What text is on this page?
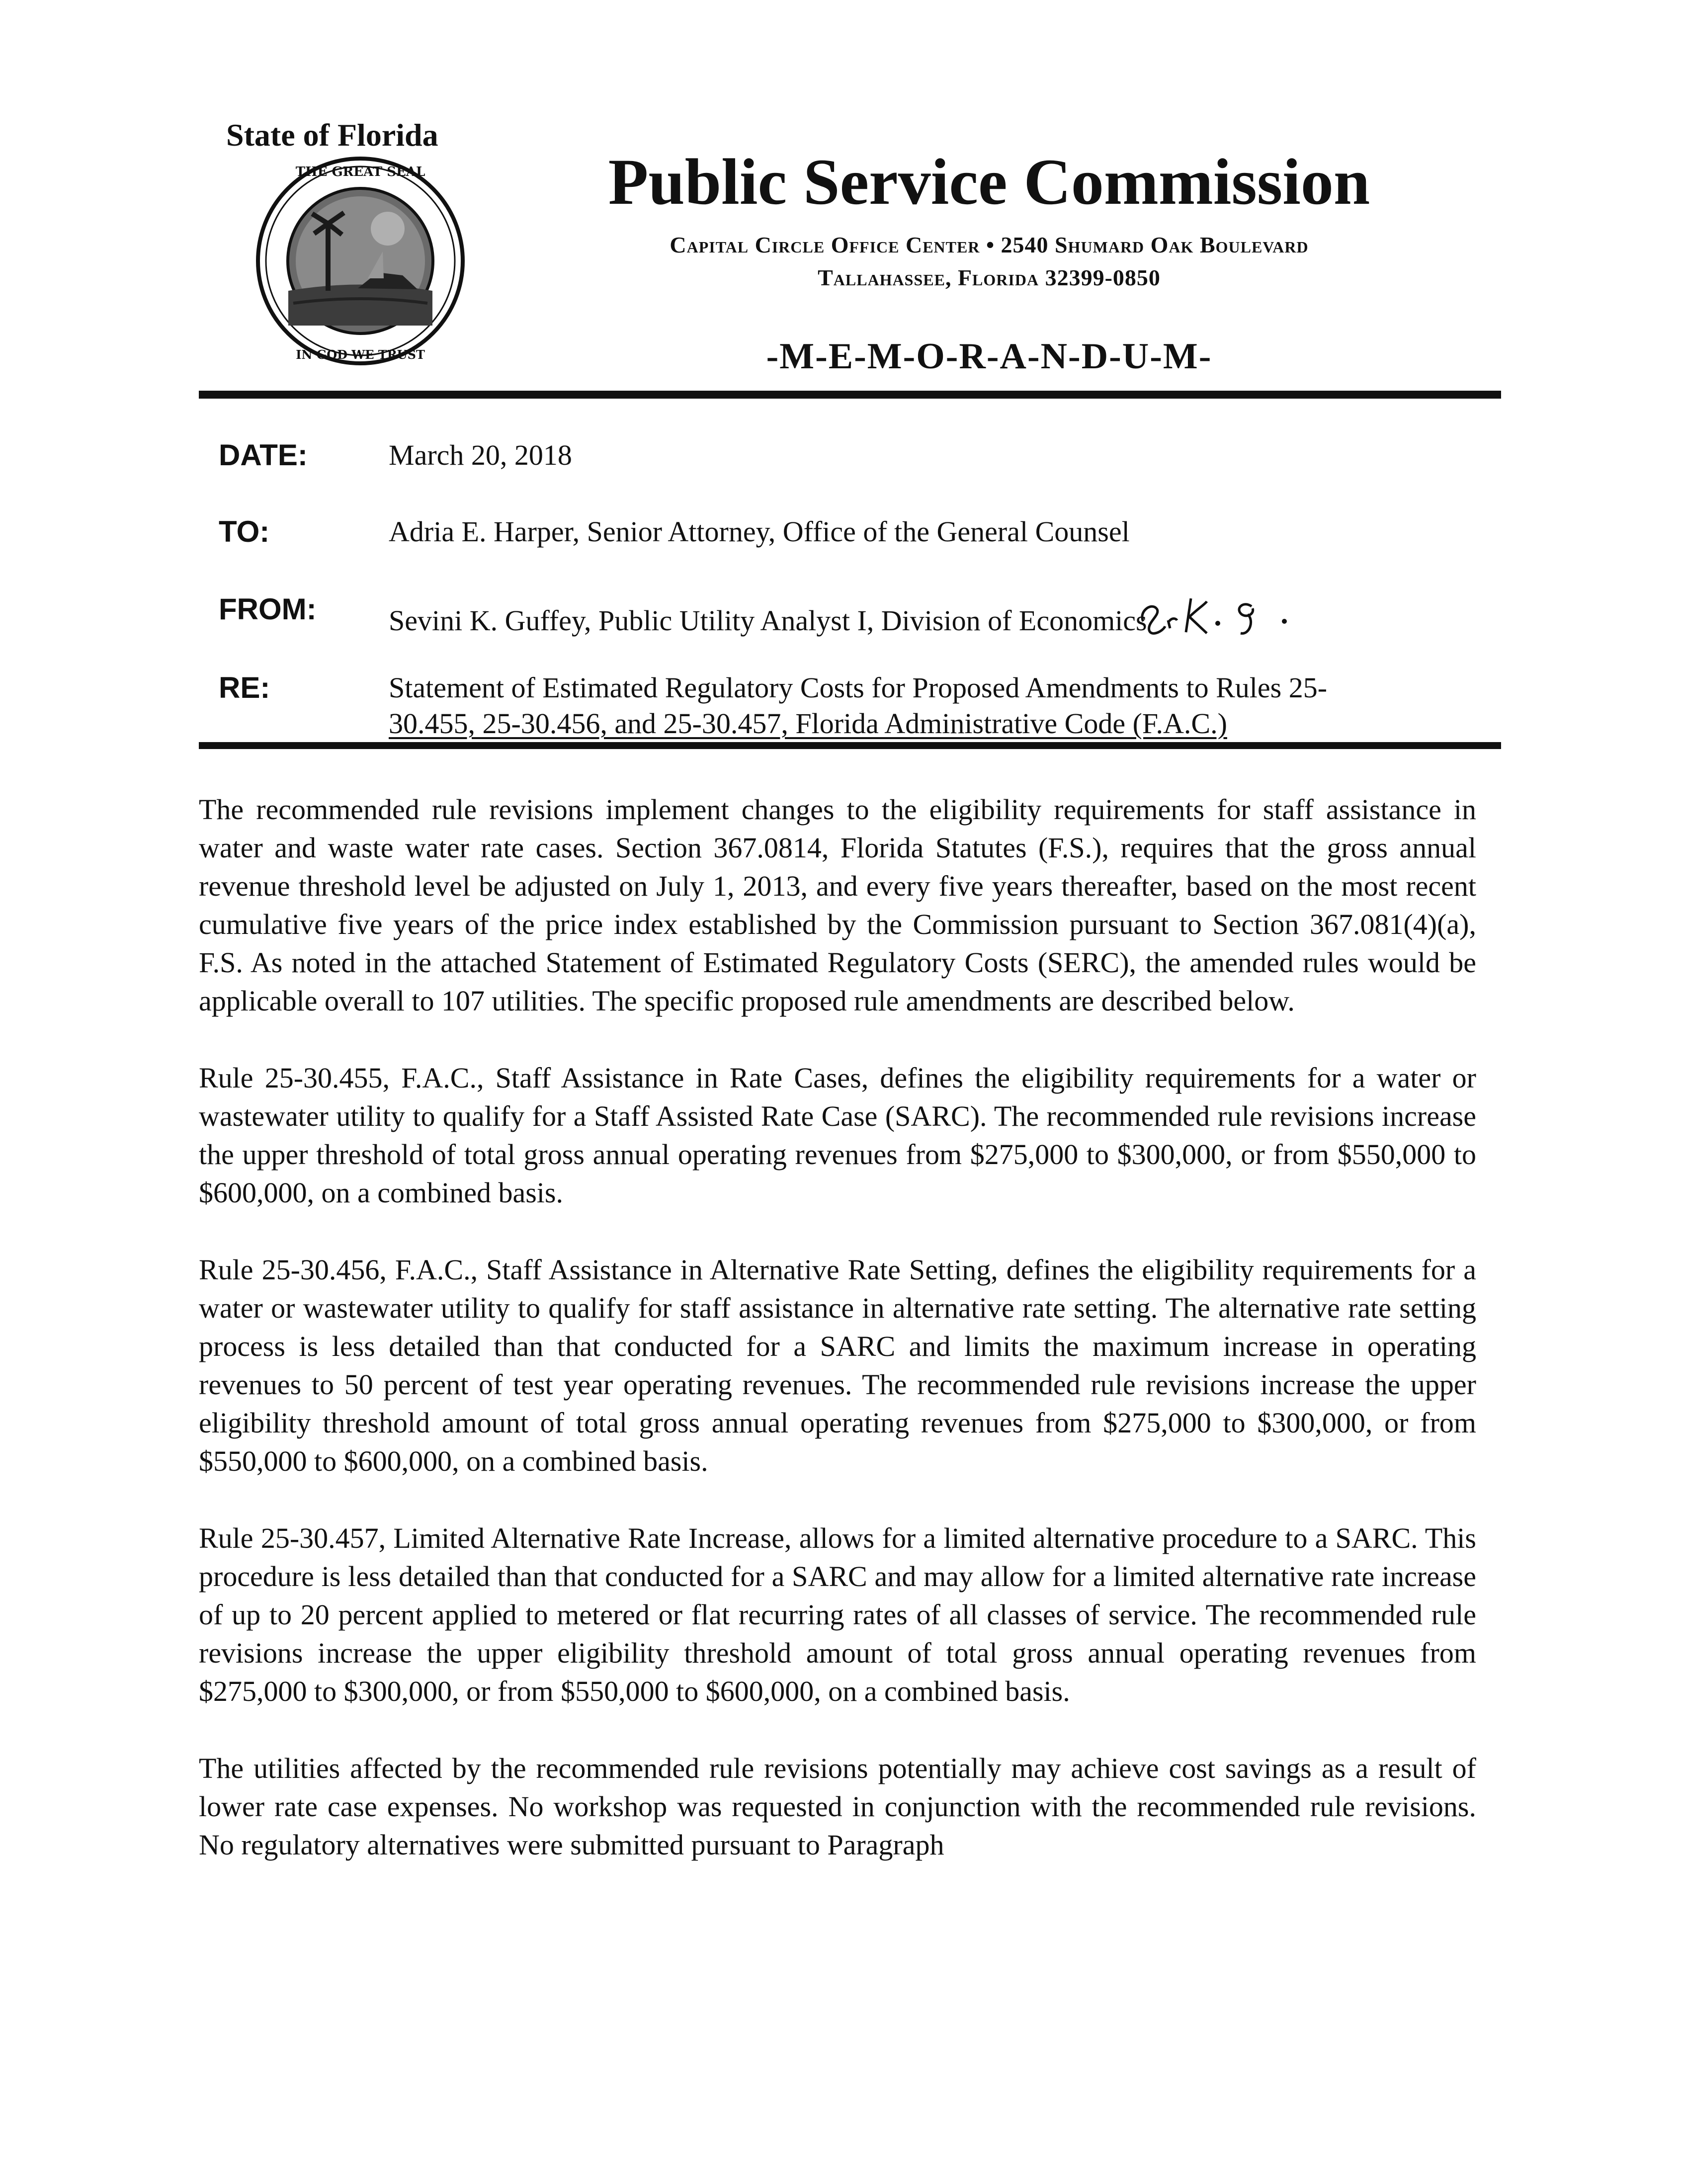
State of Florida
THE GREAT SEAL
IN GOD WE TRUST
Public Service Commission
Capital Circle Office Center • 2540 Shumard Oak Boulevard
Tallahassee, Florida 32399-0850
-M-E-M-O-R-A-N-D-U-M-
DATE:	March 20, 2018
TO:	Adria E. Harper, Senior Attorney, Office of the General Counsel
FROM:	Sevini K. Guffey, Public Utility Analyst I, Division of Economics
RE:	Statement of Estimated Regulatory Costs for Proposed Amendments to Rules 25-
30.455, 25-30.456, and 25-30.457, Florida Administrative Code (F.A.C.)

The recommended rule revisions implement changes to the eligibility requirements for staff assistance in water and waste water rate cases. Section 367.0814, Florida Statutes (F.S.), requires that the gross annual revenue threshold level be adjusted on July 1, 2013, and every five years thereafter, based on the most recent cumulative five years of the price index established by the Commission pursuant to Section 367.081(4)(a), F.S. As noted in the attached Statement of Estimated Regulatory Costs (SERC), the amended rules would be applicable overall to 107 utilities. The specific proposed rule amendments are described below.

Rule 25-30.455, F.A.C., Staff Assistance in Rate Cases, defines the eligibility requirements for a water or wastewater utility to qualify for a Staff Assisted Rate Case (SARC). The recommended rule revisions increase the upper threshold of total gross annual operating revenues from $275,000 to $300,000, or from $550,000 to $600,000, on a combined basis.

Rule 25-30.456, F.A.C., Staff Assistance in Alternative Rate Setting, defines the eligibility requirements for a water or wastewater utility to qualify for staff assistance in alternative rate setting. The alternative rate setting process is less detailed than that conducted for a SARC and limits the maximum increase in operating revenues to 50 percent of test year operating revenues. The recommended rule revisions increase the upper eligibility threshold amount of total gross annual operating revenues from $275,000 to $300,000, or from $550,000 to $600,000, on a combined basis.

Rule 25-30.457, Limited Alternative Rate Increase, allows for a limited alternative procedure to a SARC. This procedure is less detailed than that conducted for a SARC and may allow for a limited alternative rate increase of up to 20 percent applied to metered or flat recurring rates of all classes of service. The recommended rule revisions increase the upper eligibility threshold amount of total gross annual operating revenues from $275,000 to $300,000, or from $550,000 to $600,000, on a combined basis.

The utilities affected by the recommended rule revisions potentially may achieve cost savings as a result of lower rate case expenses. No workshop was requested in conjunction with the recommended rule revisions. No regulatory alternatives were submitted pursuant to Paragraph
